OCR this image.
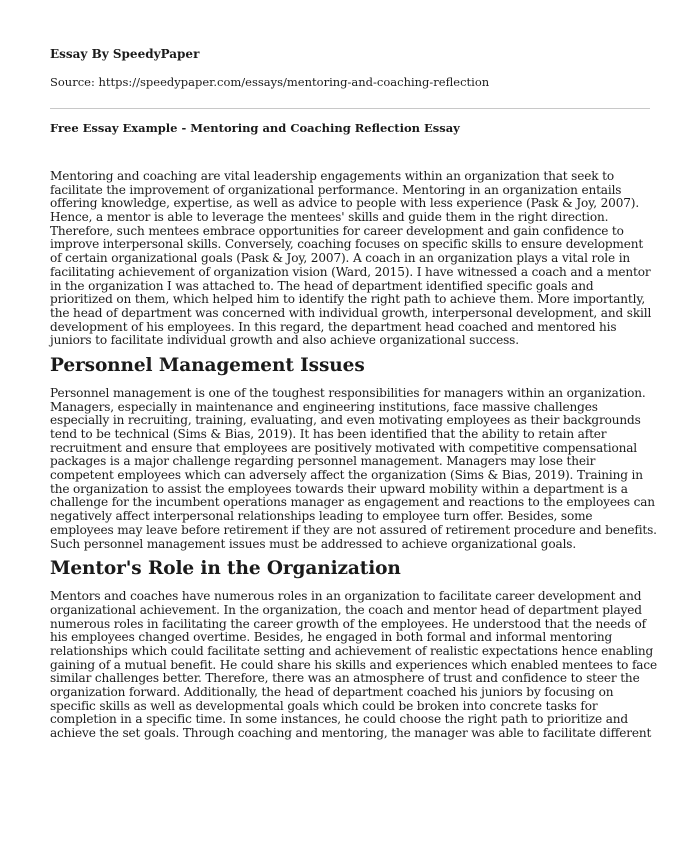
Essay By SpeedyPaper
Source: https://speedypaper.com/essays/mentoring-and-coaching-reflection
Free Essay Example - Mentoring and Coaching Reflection Essay
Mentoring and coaching are vital leadership engagements within an organization that seek to
facilitate the improvement of organizational performance. Mentoring in an organization entails
offering knowledge, expertise, as well as advice to people with less experience (Pask & Joy, 2007).
Hence, a mentor is able to leverage the mentees' skills and guide them in the right direction.
Therefore, such mentees embrace opportunities for career development and gain confidence to
improve interpersonal skills. Conversely, coaching focuses on specific skills to ensure development
of certain organizational goals (Pask & Joy, 2007). A coach in an organization plays a vital role in
facilitating achievement of organization vision (Ward, 2015). I have witnessed a coach and a mentor
in the organization I was attached to. The head of department identified specific goals and
prioritized on them, which helped him to identify the right path to achieve them. More importantly,
the head of department was concerned with individual growth, interpersonal development, and skill
development of his employees. In this regard, the department head coached and mentored his
juniors to facilitate individual growth and also achieve organizational success.
Personnel Management Issues
Personnel management is one of the toughest responsibilities for managers within an organization.
Managers, especially in maintenance and engineering institutions, face massive challenges
especially in recruiting, training, evaluating, and even motivating employees as their backgrounds
tend to be technical (Sims & Bias, 2019). It has been identified that the ability to retain after
recruitment and ensure that employees are positively motivated with competitive compensational
packages is a major challenge regarding personnel management. Managers may lose their
competent employees which can adversely affect the organization (Sims & Bias, 2019). Training in
the organization to assist the employees towards their upward mobility within a department is a
challenge for the incumbent operations manager as engagement and reactions to the employees can
negatively affect interpersonal relationships leading to employee turn offer. Besides, some
employees may leave before retirement if they are not assured of retirement procedure and benefits.
Such personnel management issues must be addressed to achieve organizational goals.
Mentor's Role in the Organization
Mentors and coaches have numerous roles in an organization to facilitate career development and
organizational achievement. In the organization, the coach and mentor head of department played
numerous roles in facilitating the career growth of the employees. He understood that the needs of
his employees changed overtime. Besides, he engaged in both formal and informal mentoring
relationships which could facilitate setting and achievement of realistic expectations hence enabling
gaining of a mutual benefit. He could share his skills and experiences which enabled mentees to face
similar challenges better. Therefore, there was an atmosphere of trust and confidence to steer the
organization forward. Additionally, the head of department coached his juniors by focusing on
specific skills as well as developmental goals which could be broken into concrete tasks for
completion in a specific time. In some instances, he could choose the right path to prioritize and
achieve the set goals. Through coaching and mentoring, the manager was able to facilitate different
